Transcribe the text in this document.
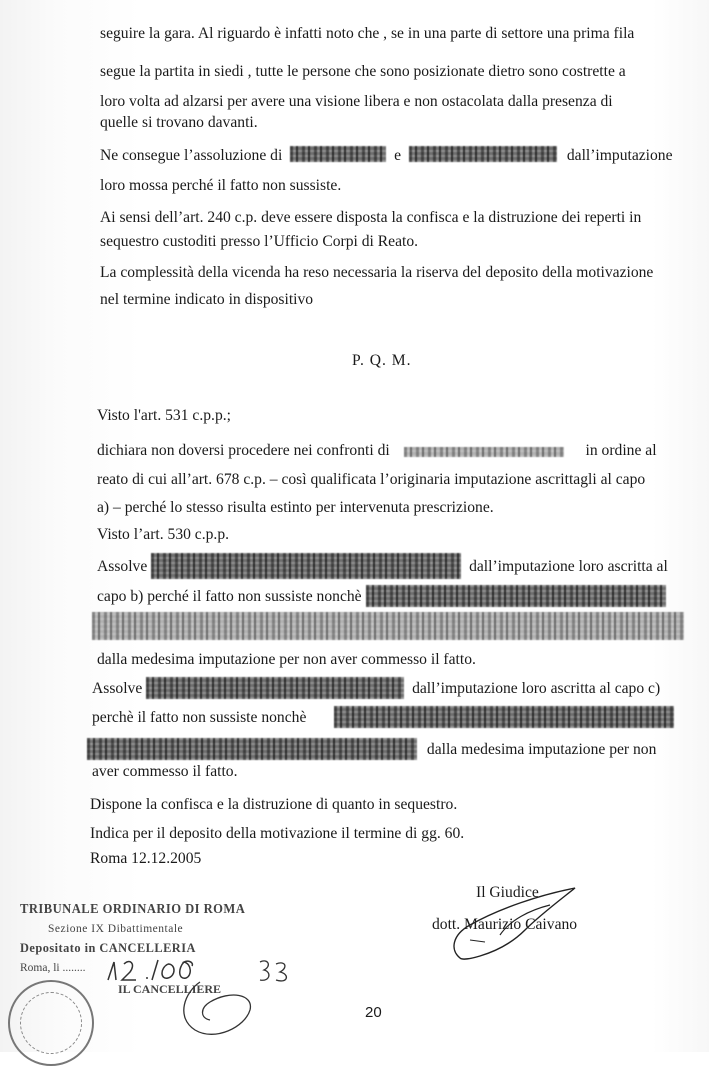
seguire la gara. Al riguardo è infatti noto che , se in una parte di settore una prima fila
segue la partita in siedi , tutte le persone che sono posizionate dietro sono costrette a
loro volta ad alzarsi per avere una visione libera e non ostacolata dalla presenza di
quelle si trovano davanti.
Ne consegue l’assoluzione di	e	dall’imputazione
loro mossa perché il fatto non sussiste.
Ai sensi dell’art. 240 c.p. deve essere disposta la confisca e la distruzione dei reperti in
sequestro custoditi presso l’Ufficio Corpi di Reato.
La complessità della vicenda ha reso necessaria la riserva del deposito della motivazione
nel termine indicato in dispositivo
P. Q. M.
Visto l'art. 531 c.p.p.;
dichiara non doversi procedere nei confronti di	in ordine al
reato di cui all’art. 678 c.p. – così qualificata l’originaria imputazione ascrittagli al capo
a) – perché lo stesso risulta estinto per intervenuta prescrizione.
Visto l’art. 530 c.p.p.
Assolve	dall’imputazione loro ascritta al
capo b) perché il fatto non sussiste nonchè
dalla medesima imputazione per non aver commesso il fatto.
Assolve	dall’imputazione loro ascritta al capo c)
perchè il fatto non sussiste nonchè
dalla medesima imputazione per non
aver commesso il fatto.
Dispone la confisca e la distruzione di quanto in sequestro.
Indica per il deposito della motivazione il termine di gg. 60.
Roma 12.12.2005
Il Giudice
dott. Maurizio Caivano
TRIBUNALE ORDINARIO DI ROMA
Sezione IX Dibattimentale
Depositato in CANCELLERIA
Roma, li ........
IL CANCELLIERE
20
